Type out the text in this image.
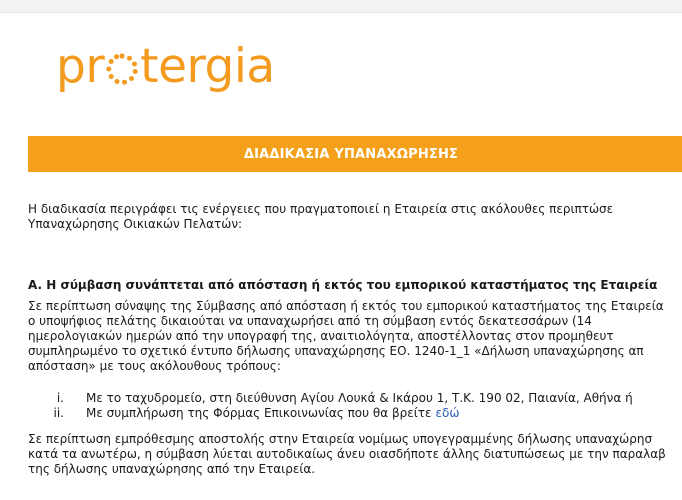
pr tergia
ΔΙΑΔΙΚΑΣΙΑ ΥΠΑΝΑΧΩΡΗΣΗΣ
Η διαδικασία περιγράφει τις ενέργειες που πραγματοποιεί η Εταιρεία στις ακόλουθες περιπτώσε
Υπαναχώρησης Οικιακών Πελατών:
A. Η σύμβαση συνάπτεται από απόσταση ή εκτός του εμπορικού καταστήματος της Εταιρεία
Σε περίπτωση σύναψης της Σύμβασης από απόσταση ή εκτός του εμπορικού καταστήματος της Εταιρεία
ο υποψήφιος πελάτης δικαιούται να υπαναχωρήσει από τη σύμβαση εντός δεκατεσσάρων (14
ημερολογιακών ημερών από την υπογραφή της, αναιτιολόγητα, αποστέλλοντας στον προμηθευτ
συμπληρωμένο το σχετικό έντυπο δήλωσης υπαναχώρησης ΕΟ. 1240-1_1 «Δήλωση υπαναχώρησης απ
απόσταση» με τους ακόλουθους τρόπους:
i.	Με το ταχυδρομείο, στη διεύθυνση Αγίου Λουκά & Ικάρου 1, Τ.Κ. 190 02, Παιανία, Αθήνα ή
ii.	Με συμπλήρωση της Φόρμας Επικοινωνίας που θα βρείτε εδώ
Σε περίπτωση εμπρόθεσμης αποστολής στην Εταιρεία νομίμως υπογεγραμμένης δήλωσης υπαναχώρησ
κατά τα ανωτέρω, η σύμβαση λύεται αυτοδικαίως άνευ οιασδήποτε άλλης διατυπώσεως με την παραλαβ
της δήλωσης υπαναχώρησης από την Εταιρεία.
